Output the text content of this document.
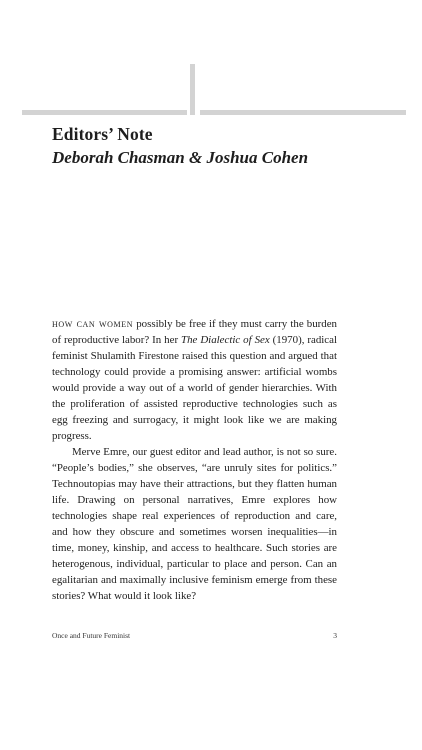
Editors’ Note
Deborah Chasman & Joshua Cohen

how can women possibly be free if they must carry the burden of reproductive labor? In her The Dialectic of Sex (1970), radical feminist Shulamith Firestone raised this question and argued that technology could provide a promising answer: artificial wombs would provide a way out of a world of gender hierarchies. With the proliferation of assisted reproductive technologies such as egg freezing and surrogacy, it might look like we are making progress.

Merve Emre, our guest editor and lead author, is not so sure. “People’s bodies,” she observes, “are unruly sites for politics.” Technoutopias may have their attractions, but they flatten human life. Drawing on personal narratives, Emre explores how technologies shape real experiences of reproduction and care, and how they obscure and sometimes worsen inequalities—in time, money, kinship, and access to healthcare. Such stories are heterogenous, individual, particular to place and person. Can an egalitarian and maximally inclusive feminism emerge from these stories? What would it look like?

Once and Future Feminist	3
